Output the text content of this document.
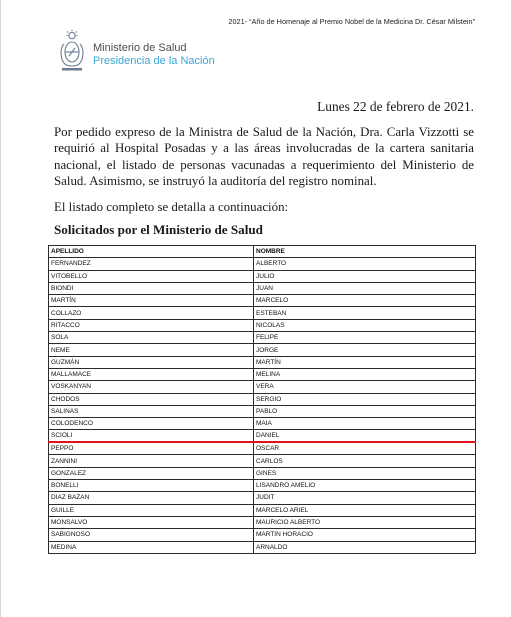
2021- “Año de Homenaje al Premio Nobel de la Medicina Dr. César Milstein”
Ministerio de Salud
Presidencia de la Nación
Lunes 22 de febrero de 2021.

Por pedido expreso de la Ministra de Salud de la Nación, Dra. Carla Vizzotti se requirió al Hospital Posadas y a las áreas involucradas de la cartera sanitaria nacional, el listado de personas vacunadas a requerimiento del Ministerio de Salud. Asimismo, se instruyó la auditoría del registro nominal.

El listado completo se detalla a continuación:
Solicitados por el Ministerio de Salud
APELLIDO	NOMBRE
FERNANDEZ	ALBERTO
VITOBELLO	JULIO
BIONDI	JUAN
MARTÍN	MARCELO
COLLAZO	ESTEBAN
RITACCO	NICOLAS
SOLA	FELIPE
NEME	JORGE
GUZMÁN	MARTÍN
MALLAMACE	MELINA
VOSKANYAN	VERA
CHODOS	SERGIO
SALINAS	PABLO
COLODENCO	MAIA
SCIOLI	DANIEL
PEPPO	OSCAR
ZANNINI	CARLOS
GONZALEZ	GINES
BONELLI	LISANDRO AMELIO
DIAZ BAZAN	JUDIT
GUILLE	MARCELO ARIEL
MONSALVO	MAURICIO ALBERTO
SABIGNOSO	MARTIN HORACIO
MEDINA	ARNALDO
